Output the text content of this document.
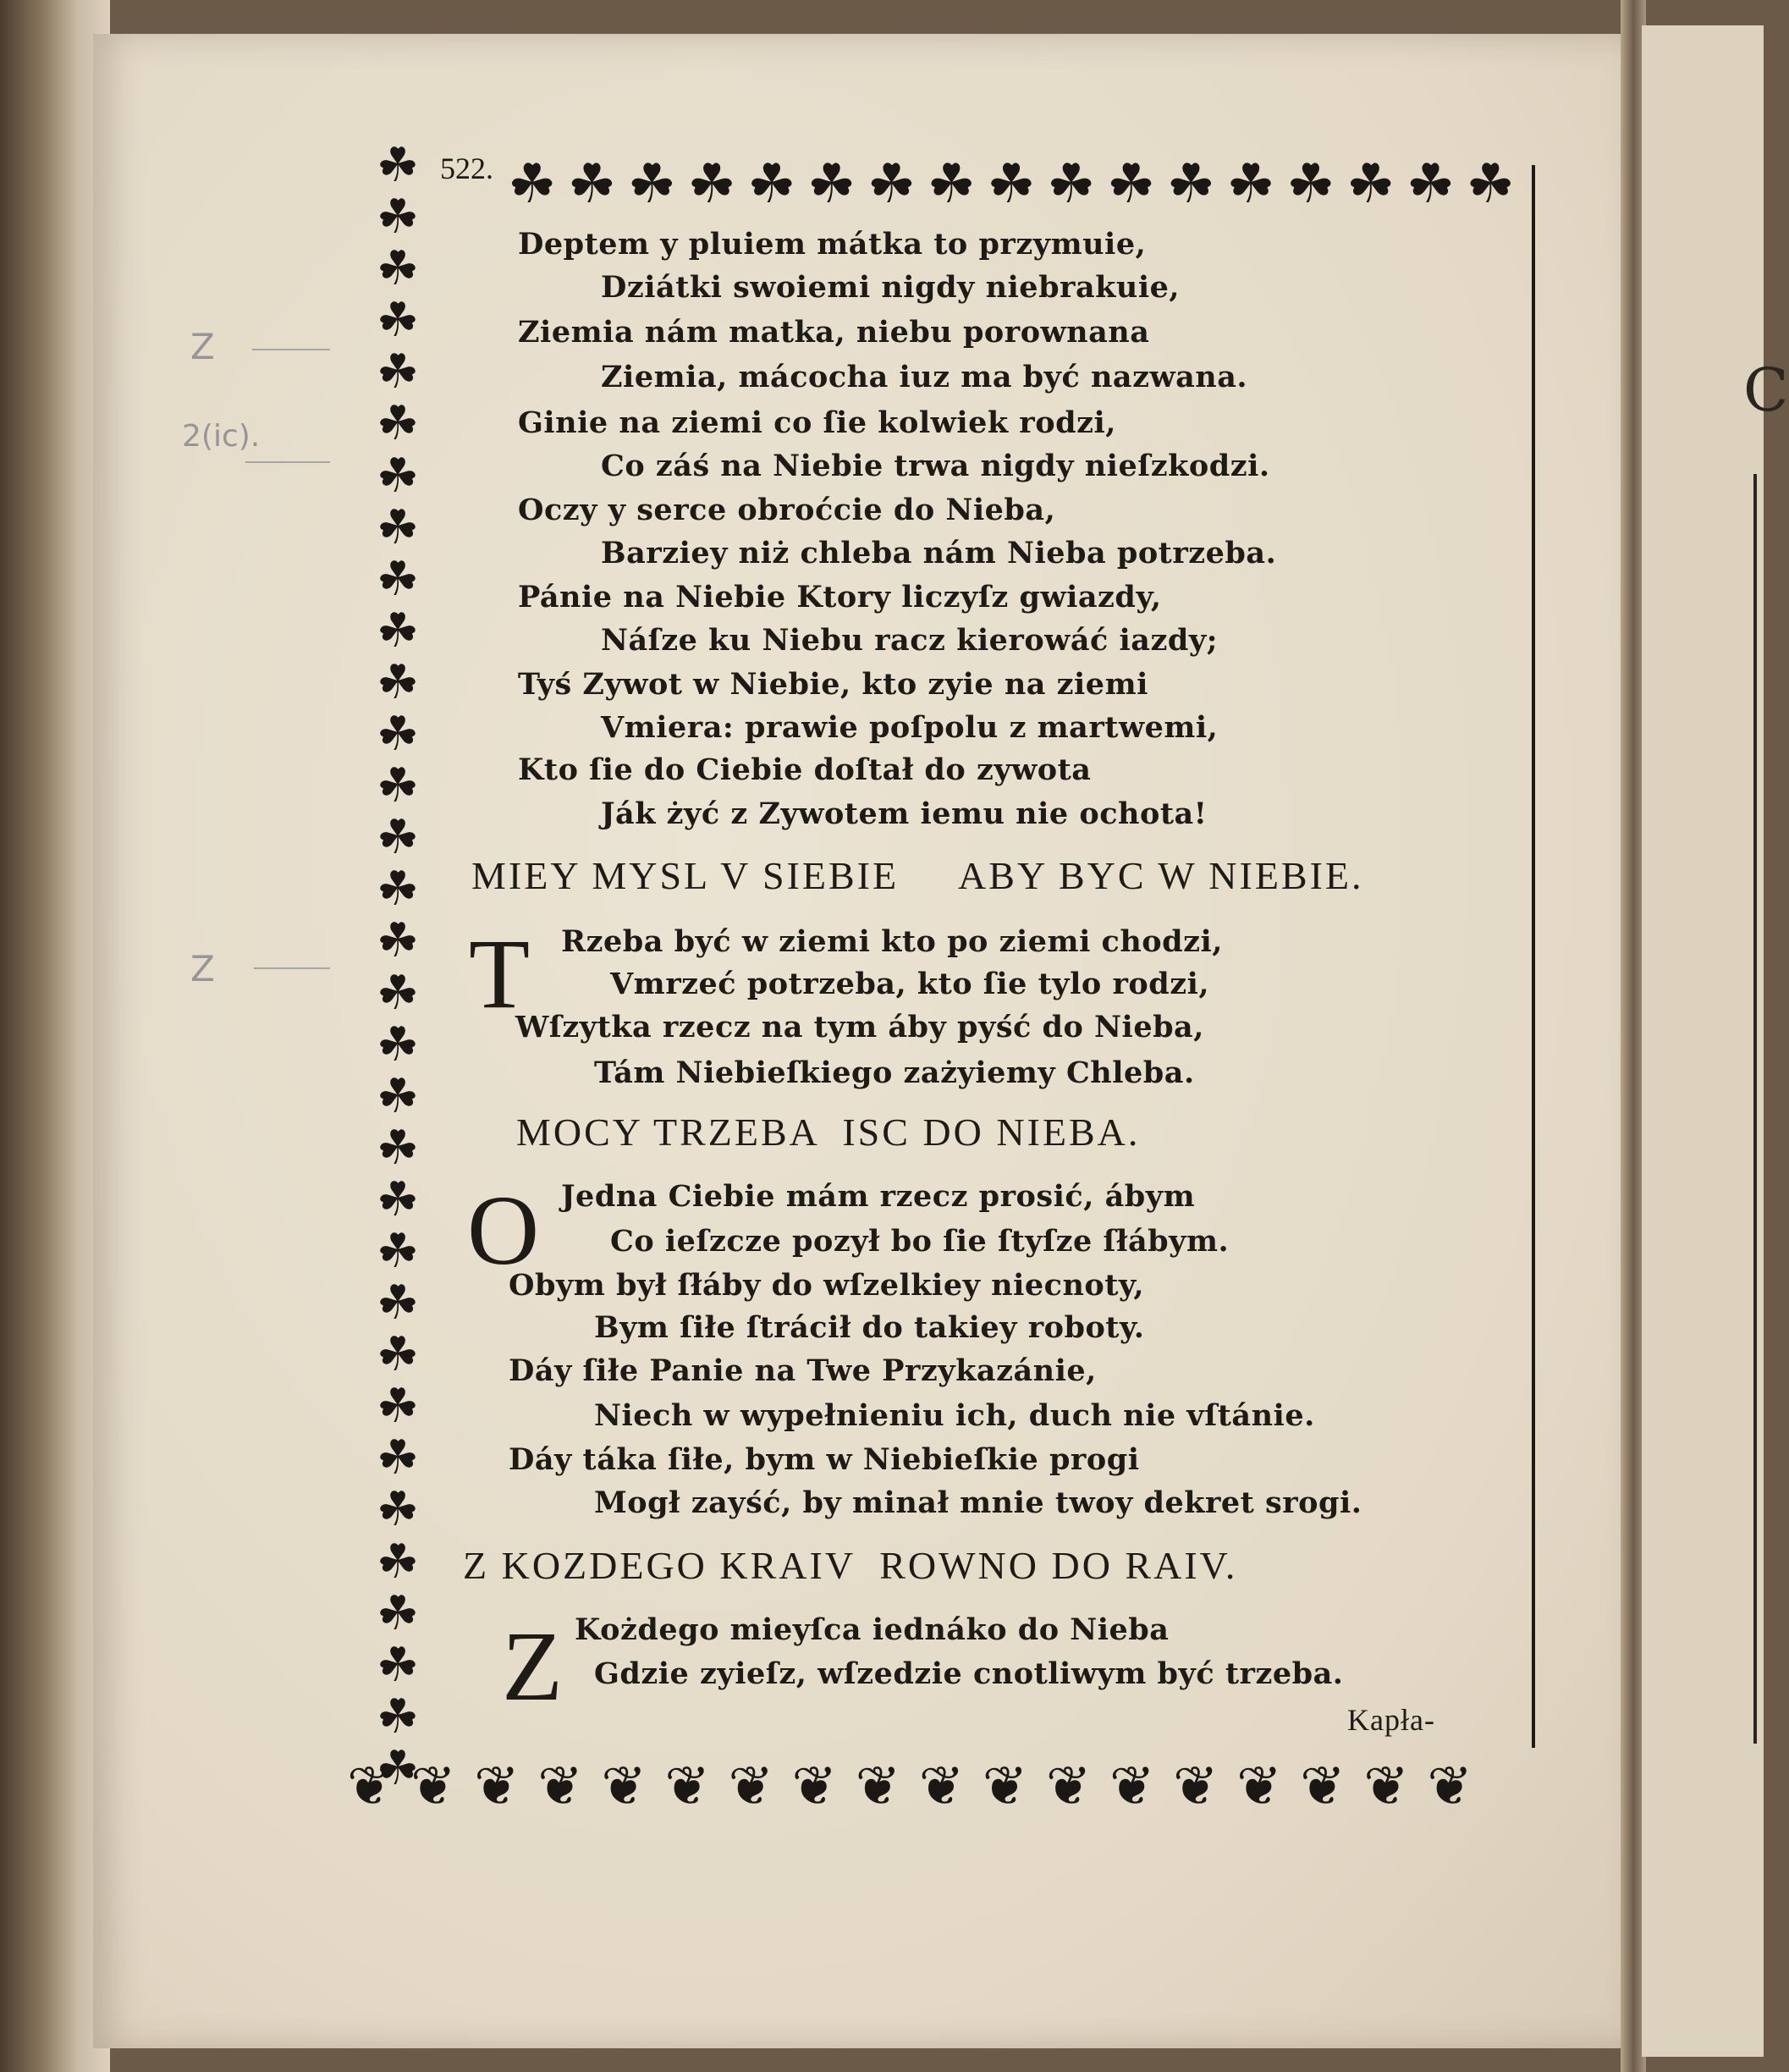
C
Z
2(ic).
Z
☘ ☘ ☘ ☘ ☘ ☘ ☘ ☘ ☘ ☘ ☘ ☘ ☘ ☘ ☘ ☘ ☘
☘
☘
☘
☘
☘
☘
☘
☘
☘
☘
☘
☘
☘
☘
☘
☘
☘
☘
☘
☘
☘
☘
☘
☘
☘
☘
☘
☘
☘
☘
☘
☘
❦ ❦ ❦ ❦ ❦ ❦ ❦ ❦ ❦ ❦ ❦ ❦ ❦ ❦ ❦ ❦ ❦ ❦
522.
Deptem y pluiem mátka to przymuie,
Dziátki swoiemi nigdy niebrakuie,
Ziemia nám matka, niebu porownana
Ziemia, mácocha iuz ma być nazwana.
Ginie na ziemi co ſie kolwiek rodzi,
Co záś na Niebie trwa nigdy nieſzkodzi.
Oczy y serce obroćcie do Nieba,
Barziey niż chleba nám Nieba potrzeba.
Pánie na Niebie Ktory liczyſz gwiazdy,
Náſze ku Niebu racz kierowáć iazdy;
Tyś Zywot w Niebie, kto zyie na ziemi
Vmiera: prawie poſpolu z martwemi,
Kto ſie do Ciebie doſtał do zywota
Ják żyć z Zywotem iemu nie ochota!
MIEY MYSL V SIEBIE     ABY BYC W NIEBIE.
T Rzeba być w ziemi kto po ziemi chodzi,
Vmrzeć potrzeba, kto ſie tylo rodzi,
Wſzytka rzecz na tym áby pyść do Nieba,
Tám Niebieſkiego zażyiemy Chleba.
MOCY TRZEBA  ISC DO NIEBA.
O Jedna Ciebie mám rzecz prosić, ábym
Co ieſzcze pozył bo ſie ſtyſze ſłábym.
Obym był ſłáby do wſzelkiey niecnoty,
Bym ſiłe ſtrácił do takiey roboty.
Dáy ſiłe Panie na Twe Przykazánie,
Niech w wypełnieniu ich, duch nie vſtánie.
Dáy táka ſiłe, bym w Niebieſkie progi
Mogł zayść, by minał mnie twoy dekret srogi.
Z KOZDEGO KRAIV  ROWNO DO RAIV.
Z Kożdego mieyſca iednáko do Nieba
Gdzie zyieſz, wſzedzie cnotliwym być trzeba.
Kapła-
